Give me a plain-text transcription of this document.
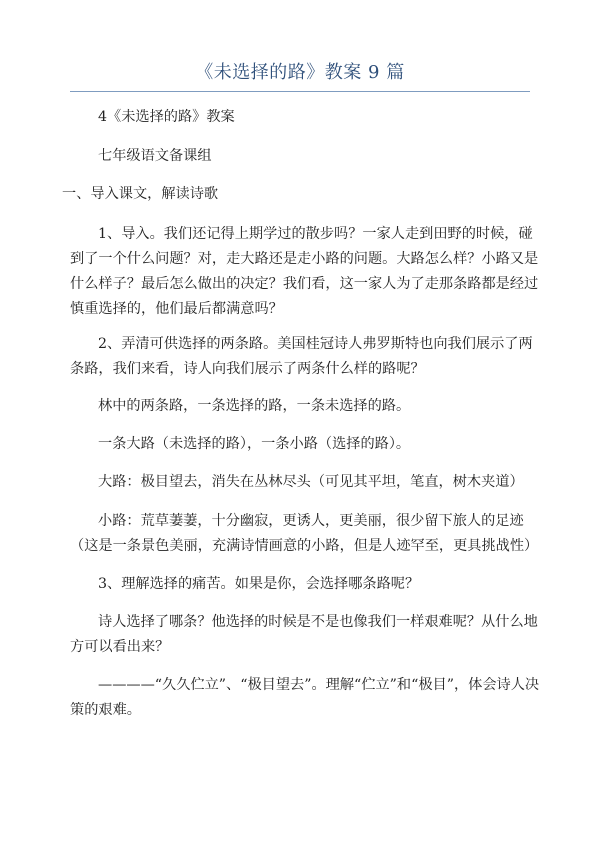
《未选择的路》教案 9 篇

4《未选择的路》教案

七年级语文备课组

一、导入课文，解读诗歌

1、导入。我们还记得上期学过的散步吗？一家人走到田野的时候，碰到了一个什么问题？对，走大路还是走小路的问题。大路怎么样？小路又是什么样子？最后怎么做出的决定？我们看，这一家人为了走那条路都是经过慎重选择的，他们最后都满意吗？

2、弄清可供选择的两条路。美国桂冠诗人弗罗斯特也向我们展示了两条路，我们来看，诗人向我们展示了两条什么样的路呢？

林中的两条路，一条选择的路，一条未选择的路。

一条大路（未选择的路），一条小路（选择的路）。

大路：极目望去，消失在丛林尽头（可见其平坦，笔直，树木夹道）

小路：荒草萋萋，十分幽寂，更诱人，更美丽，很少留下旅人的足迹（这是一条景色美丽，充满诗情画意的小路，但是人迹罕至，更具挑战性）

3、理解选择的痛苦。如果是你，会选择哪条路呢？

诗人选择了哪条？他选择的时候是不是也像我们一样艰难呢？从什么地方可以看出来？

————“久久伫立”、“极目望去”。理解“伫立”和“极目”，体会诗人决策的艰难。
